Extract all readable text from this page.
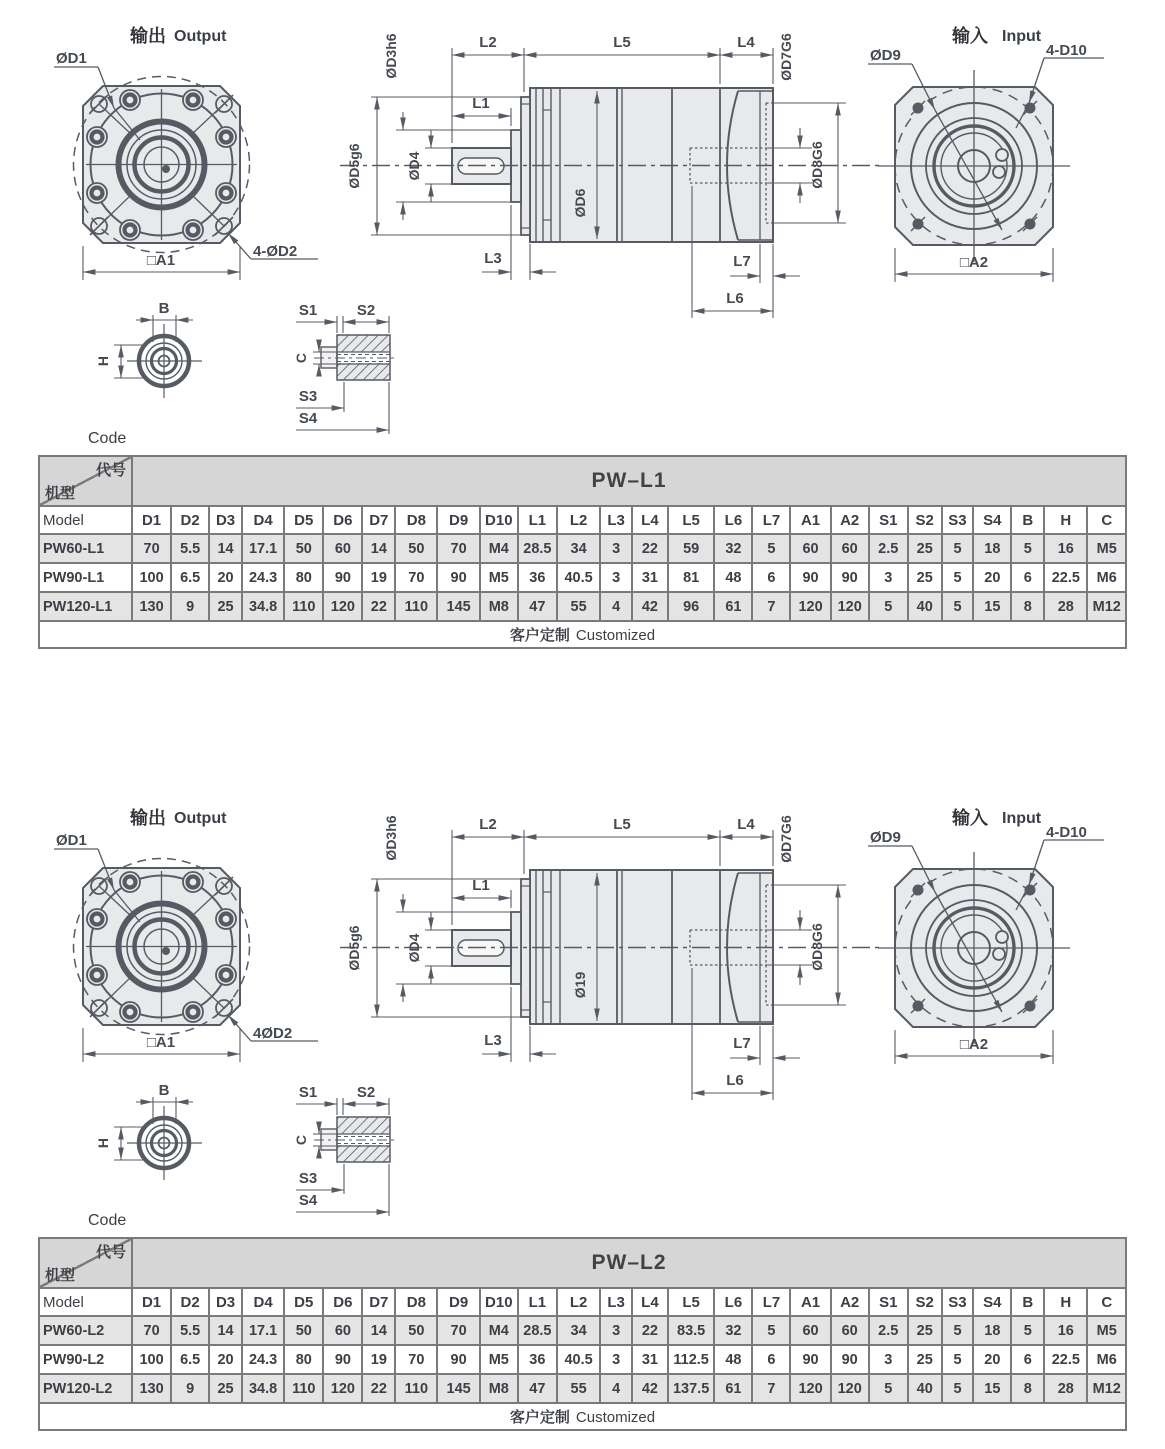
输出 Output
ØD1
4-ØD2
□A1
ØD6
L2	L5	L4
L1
ØD3h6
ØD5g6	ØD4
ØD7G6
ØD8G6
L3	L7
L6
输入 Input
ØD9	4-D10
□A2
B
H
S1	S2
C
S3
S4
Code
代号
机型	PW–L1																									
Model	D1	D2	D3	D4	D5	D6	D7	D8	D9	D10	L1	L2	L3	L4	L5	L6	L7	A1	A2	S1	S2	S3	S4	B	H	C
PW60-L1	70	5.5	14	17.1	50	60	14	50	70	M4	28.5	34	3	22	59	32	5	60	60	2.5	25	5	18	5	16	M5
PW90-L1	100	6.5	20	24.3	80	90	19	70	90	M5	36	40.5	3	31	81	48	6	90	90	3	25	5	20	6	22.5	M6
PW120-L1	130	9	25	34.8	110	120	22	110	145	M8	47	55	4	42	96	61	7	120	120	5	40	5	15	8	28	M12
客户定制 Customized																										
输出 Output
ØD1
4ØD2
□A1
Ø19
L2	L5	L4
L1
ØD3h6
ØD5g6	ØD4
ØD7G6
ØD8G6
L3	L7
L6
输入 Input
ØD9	4-D10
□A2
B
H
S1	S2
C
S3
S4
Code
代号
机型	PW–L2																									
Model	D1	D2	D3	D4	D5	D6	D7	D8	D9	D10	L1	L2	L3	L4	L5	L6	L7	A1	A2	S1	S2	S3	S4	B	H	C
PW60-L2	70	5.5	14	17.1	50	60	14	50	70	M4	28.5	34	3	22	83.5	32	5	60	60	2.5	25	5	18	5	16	M5
PW90-L2	100	6.5	20	24.3	80	90	19	70	90	M5	36	40.5	3	31	112.5	48	6	90	90	3	25	5	20	6	22.5	M6
PW120-L2	130	9	25	34.8	110	120	22	110	145	M8	47	55	4	42	137.5	61	7	120	120	5	40	5	15	8	28	M12
客户定制 Customized																										
